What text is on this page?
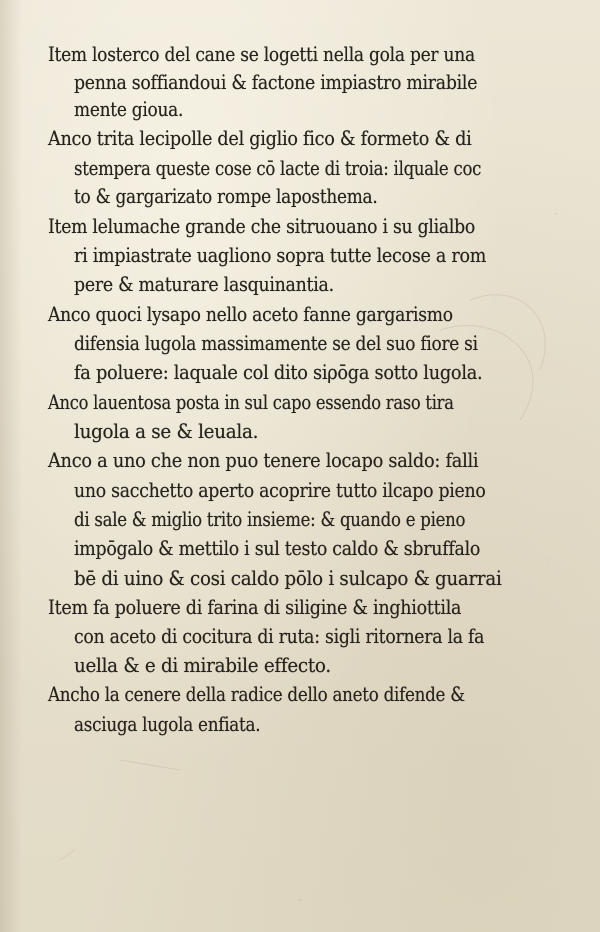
Item losterco del cane se logetti nella gola per una
penna soffiandoui & factone impiastro mirabile
mente gioua.
Anco trita lecipolle del giglio fico & formeto & di
stempera queste cose cō lacte di troia: ilquale coc
to & gargarizato rompe laposthema.
Item lelumache grande che sitruouano i su glialbo
ri impiastrate uagliono sopra tutte lecose a rom
pere & maturare lasquinantia.
Anco quoci lysapo nello aceto fanne gargarismo
difensia lugola massimamente se del suo fiore si
fa poluere: laquale col dito siρōga sotto lugola.
Anco lauentosa posta in sul capo essendo raso tira
lugola a se & leuala.
Anco a uno che non puo tenere locapo saldo: falli
uno sacchetto aperto acoprire tutto ilcapo pieno
di sale & miglio trito insieme: & quando e pieno
impōgalo & mettilo i sul testo caldo & sbruffalo
bē di uino & cosi caldo pōlo i sulcapo & guarrai
Item fa poluere di farina di siligine & inghiottila
con aceto di cocitura di ruta: sigli ritornera la fa
uella & e di mirabile effecto.
Ancho la cenere della radice dello aneto difende &
asciuga lugola enfiata.
